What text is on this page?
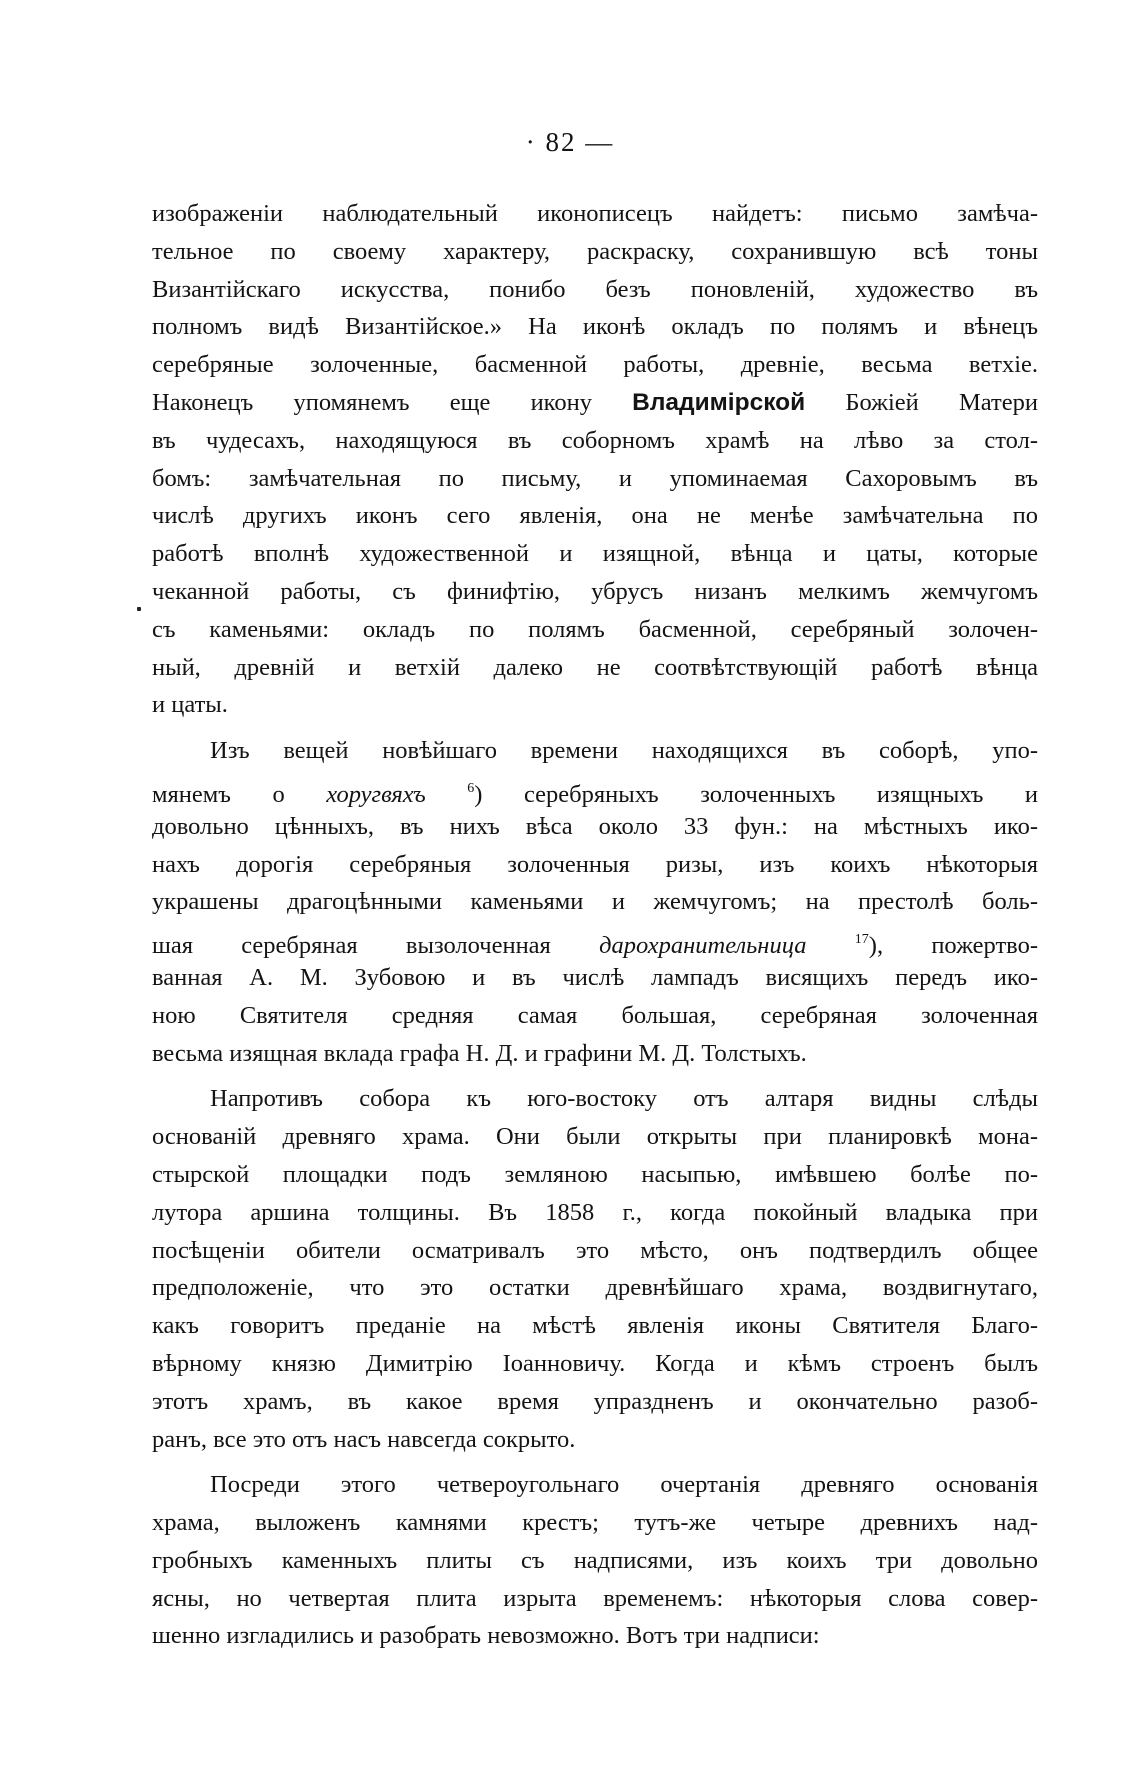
· 82 —
изображенiи наблюдательный иконописецъ найдетъ: письмо замѣча-
тельное по своему характеру, раскраску, сохранившую всѣ тоны
Византiйскаго искусства, понибо безъ поновленiй, художество въ
полномъ видѣ Византiйское.» На иконѣ окладъ по полямъ и вѣнецъ
серебряные золоченные, басменной работы, древнiе, весьма ветхiе.
Наконецъ упомянемъ еще икону Владимiрской Божiей Матери
въ чудесахъ, находящуюся въ соборномъ храмѣ на лѣво за стол-
бомъ: замѣчательная по письму, и упоминаемая Сахоровымъ въ
числѣ другихъ иконъ сего явленiя, она не менѣе замѣчательна по
работѣ вполнѣ художественной и изящной, вѣнца и цаты, которые
чеканной работы, съ финифтiю, убрусъ низанъ мелкимъ жемчугомъ
съ каменьями: окладъ по полямъ басменной, серебряный золочен-
ный, древнiй и ветхiй далеко не соотвѣтствующiй работѣ вѣнца
и цаты.
Изъ вещей новѣйшаго времени находящихся въ соборѣ, упо-
мянемъ о хоругвяхъ	$^6$) серебряныхъ золоченныхъ изящныхъ и
довольно цѣнныхъ, въ нихъ вѣса около 33 фун.: на мѣстныхъ ико-
нахъ дорогiя серебряныя золоченныя ризы, изъ коихъ нѣкоторыя
украшены драгоцѣнными каменьями и жемчугомъ; на престолѣ боль-
шая серебряная вызолоченная дарохранительница	$^{17}$), пожертво-
ванная А. М. Зубовою и въ числѣ лампадъ висящихъ передъ ико-
ною Святителя средняя самая большая, серебряная золоченная
весьма изящная вклада графа Н. Д. и графини М. Д. Толстыхъ.
Напротивъ собора къ юго-востоку отъ алтаря видны слѣды
основанiй древняго храма. Они были открыты при планировкѣ мона-
стырской площадки подъ земляною насыпью, имѣвшею болѣе по-
лутора аршина толщины. Въ 1858 г., когда покойный владыка при
посѣщенiи обители осматривалъ это мѣсто, онъ подтвердилъ общее
предположенiе, что это остатки древнѣйшаго храма, воздвигнутаго,
какъ говоритъ преданiе на мѣстѣ явленiя иконы Святителя Благо-
вѣрному князю Димитрiю Iоанновичу. Когда и кѣмъ строенъ былъ
этотъ храмъ, въ какое время упраздненъ и окончательно разоб-
ранъ, все это отъ насъ навсегда сокрыто.
Посреди этого четвероугольнаго очертанiя древняго основанiя
храма, выложенъ камнями крестъ; тутъ-же четыре древнихъ над-
гробныхъ каменныхъ плиты съ надписями, изъ коихъ три довольно
ясны, но четвертая плита изрыта временемъ: нѣкоторыя слова совер-
шенно изгладились и разобрать невозможно. Вотъ три надписи:
